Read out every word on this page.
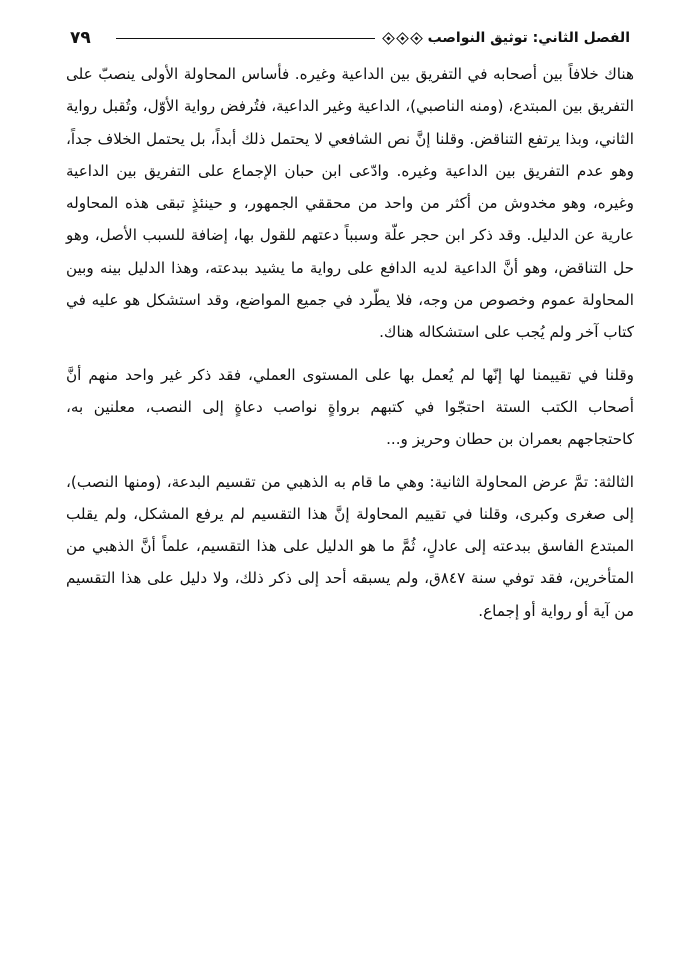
٧٩	الفصل الثاني: توثيق النواصب

هناك خلافاً بين أصحابه في التفريق بين الداعية وغيره. فأساس المحاولة الأولى ينصبّ على التفريق بين المبتدع، (ومنه الناصبي)، الداعية وغير الداعية، فتُرفض رواية الأوّل، وتُقبل رواية الثاني، وبذا يرتفع التناقض. وقلنا إنَّ نص الشافعي لا يحتمل ذلك أبداً، بل يحتمل الخلاف جداً، وهو عدم التفريق بين الداعية وغيره. وادّعى ابن حبان الإجماع على التفريق بين الداعية وغيره، وهو مخدوش من أكثر من واحد من محققي الجمهور، و حينئذٍ تبقى هذه المحاوله عارية عن الدليل. وقد ذكر ابن حجر علّة وسبباً دعتهم للقول بها، إضافة للسبب الأصل، وهو حل التناقض، وهو أنَّ الداعية لديه الدافع على رواية ما يشيد ببدعته، وهذا الدليل بينه وبين المحاولة عموم وخصوص من وجه، فلا يطّرد في جميع المواضع، وقد استشكل هو عليه في كتاب آخر ولم يُجب على استشكاله هناك.

وقلنا في تقييمنا لها إنّها لم يُعمل بها على المستوى العملي، فقد ذكر غير واحد منهم أنَّ أصحاب الكتب الستة احتجّوا في كتبهم برواةٍ نواصب دعاةٍ إلى النصب، معلنين به، كاحتجاجهم بعمران بن حطان وحريز و...

الثالثة: تمَّ عرض المحاولة الثانية: وهي ما قام به الذهبي من تقسيم البدعة، (ومنها النصب)، إلى صغرى وكبرى، وقلنا في تقييم المحاولة إنَّ هذا التقسيم لم يرفع المشكل، ولم يقلب المبتدع الفاسق ببدعته إلى عادلٍ، ثُمَّ ما هو الدليل على هذا التقسيم، علماً أنَّ الذهبي من المتأخرين، فقد توفي سنة ٨٤٧ق، ولم يسبقه أحد إلى ذكر ذلك، ولا دليل على هذا التقسيم من آية أو رواية أو إجماع.
